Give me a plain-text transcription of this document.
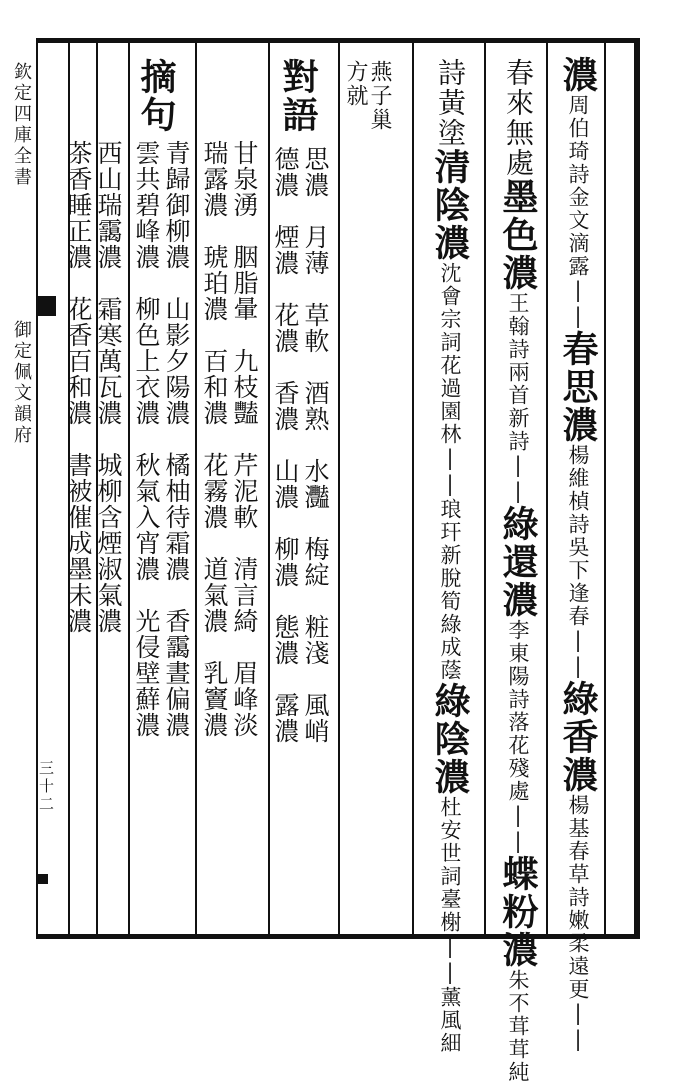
欽定四庫全書
御定佩文韻府
三十二
濃周伯琦詩金文滴露||春思濃楊維楨詩吳下逢春||綠香濃楊基春草詩嫩柔遠更||
春來無處墨色濃王翰詩兩首新詩||綠還濃李東陽詩落花殘處||蝶粉濃朱不茸茸純
詩黃塗清陰濃沈會宗詞花過園林||琅玕新脫筍綠成蔭綠陰濃杜安世詞臺榭||薰風細
燕子巢
方就
對語
思濃　月薄　草軟　酒熟　水灩　梅綻　粧淺　風峭
德濃　煙濃　花濃　香濃　山濃　柳濃　態濃　露濃
甘泉湧　胭脂暈　九枝豔　芹泥軟　清言綺　眉峰淡
瑞露濃　琥珀濃　百和濃　花霧濃　道氣濃　乳竇濃
摘句
青歸御柳濃　山影夕陽濃　橘柚待霜濃　香靄晝偏濃
雲共碧峰濃　柳色上衣濃　秋氣入宵濃　光侵壁蘚濃
西山瑞靄濃　霜寒萬瓦濃　城柳含煙淑氣濃
茶香睡正濃　花香百和濃　書被催成墨未濃
